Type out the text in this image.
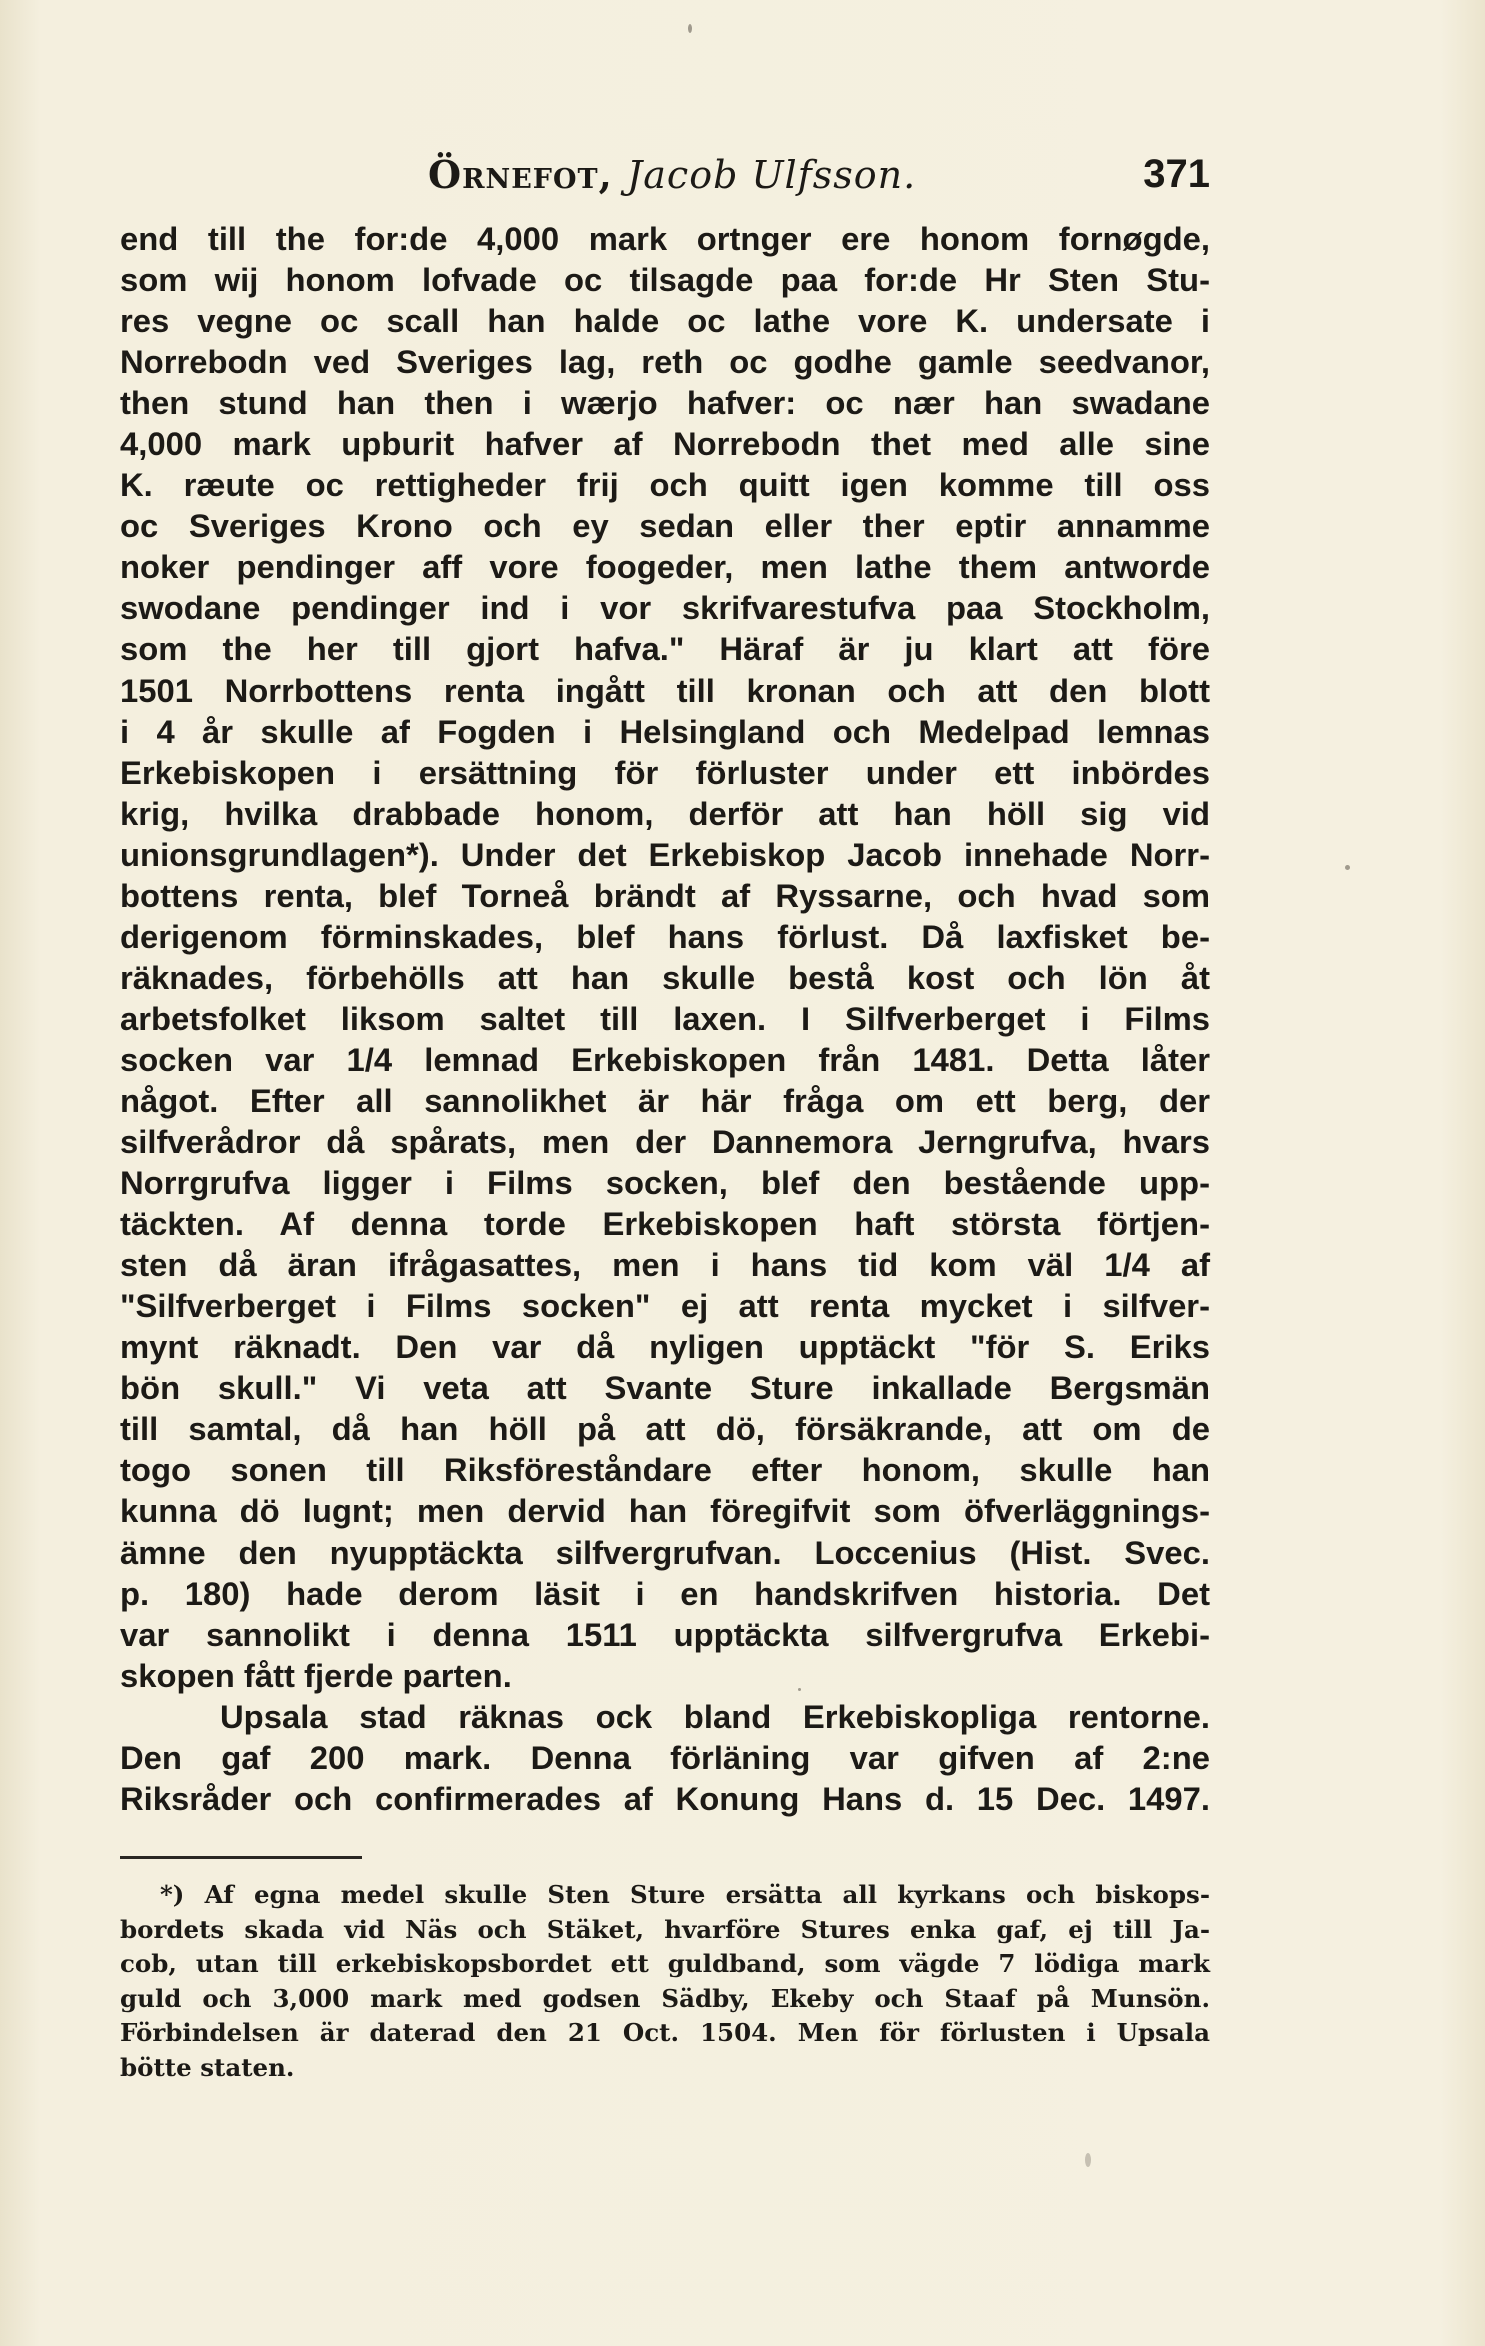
Örnefot, Jacob Ulfsson.	371
end till the for:de 4,000 mark ortnger ere honom fornøgde,
som wij honom lofvade oc tilsagde paa for:de Hr Sten Stu-
res vegne oc scall han halde oc lathe vore K. undersate i
Norrebodn ved Sveriges lag, reth oc godhe gamle seedvanor,
then stund han then i wærjo hafver: oc nær han swadane
4,000 mark upburit hafver af Norrebodn thet med alle sine
K. ræute oc rettigheder frij och quitt igen komme till oss
oc Sveriges Krono och ey sedan eller ther eptir annamme
noker pendinger aff vore foogeder, men lathe them antworde
swodane pendinger ind i vor skrifvarestufva paa Stockholm,
som the her till gjort hafva." Häraf är ju klart att före
1501 Norrbottens renta ingått till kronan och att den blott
i 4 år skulle af Fogden i Helsingland och Medelpad lemnas
Erkebiskopen i ersättning för förluster under ett inbördes
krig, hvilka drabbade honom, derför att han höll sig vid
unionsgrundlagen*). Under det Erkebiskop Jacob innehade Norr-
bottens renta, blef Torneå brändt af Ryssarne, och hvad som
derigenom förminskades, blef hans förlust. Då laxfisket be-
räknades, förbehölls att han skulle bestå kost och lön åt
arbetsfolket liksom saltet till laxen. I Silfverberget i Films
socken var 1/4 lemnad Erkebiskopen från 1481. Detta låter
något. Efter all sannolikhet är här fråga om ett berg, der
silfverådror då spårats, men der Dannemora Jerngrufva, hvars
Norrgrufva ligger i Films socken, blef den bestående upp-
täckten. Af denna torde Erkebiskopen haft största förtjen-
sten då äran ifrågasattes, men i hans tid kom väl 1/4 af
"Silfverberget i Films socken" ej att renta mycket i silfver-
mynt räknadt. Den var då nyligen upptäckt "för S. Eriks
bön skull." Vi veta att Svante Sture inkallade Bergsmän
till samtal, då han höll på att dö, försäkrande, att om de
togo sonen till Riksföreståndare efter honom, skulle han
kunna dö lugnt; men dervid han föregifvit som öfverläggnings-
ämne den nyupptäckta silfvergrufvan. Loccenius (Hist. Svec.
p. 180) hade derom läsit i en handskrifven historia. Det
var sannolikt i denna 1511 upptäckta silfvergrufva Erkebi-
skopen fått fjerde parten.
Upsala stad räknas ock bland Erkebiskopliga rentorne.
Den gaf 200 mark. Denna förläning var gifven af 2:ne
Riksråder och confirmerades af Konung Hans d. 15 Dec. 1497.
*) Af egna medel skulle Sten Sture ersätta all kyrkans och biskops-
bordets skada vid Näs och Stäket, hvarföre Stures enka gaf, ej till Ja-
cob, utan till erkebiskopsbordet ett guldband, som vägde 7 lödiga mark
guld och 3,000 mark med godsen Sädby, Ekeby och Staaf på Munsön.
Förbindelsen är daterad den 21 Oct. 1504. Men för förlusten i Upsala
bötte staten.
